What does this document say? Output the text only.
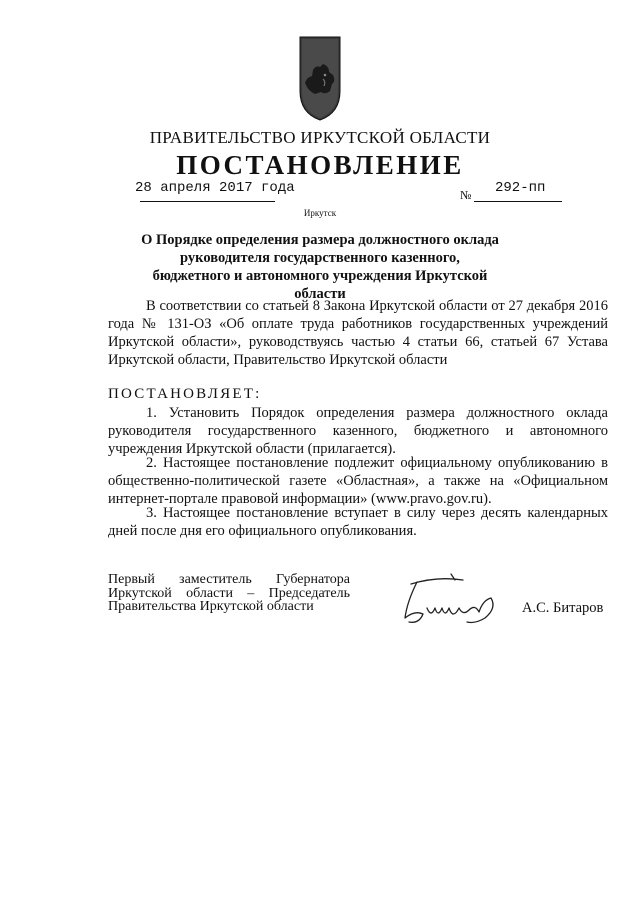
ПРАВИТЕЛЬСТВО ИРКУТСКОЙ ОБЛАСТИ
ПОСТАНОВЛЕНИЕ
28 апреля 2017 года	№ 292-пп
Иркутск
О Порядке определения размера должностного оклада руководителя государственного казенного, бюджетного и автономного учреждения Иркутской области
В соответствии со статьей 8 Закона Иркутской области от 27 декабря 2016 года № 131-ОЗ «Об оплате труда работников государственных учреждений Иркутской области», руководствуясь частью 4 статьи 66, статьей 67 Устава Иркутской области, Правительство Иркутской области
ПОСТАНОВЛЯЕТ:
1. Установить Порядок определения размера должностного оклада руководителя государственного казенного, бюджетного и автономного учреждения Иркутской области (прилагается).
2. Настоящее постановление подлежит официальному опубликованию в общественно-политической газете «Областная», а также на «Официальном интернет-портале правовой информации» (www.pravo.gov.ru).
3. Настоящее постановление вступает в силу через десять календарных дней после дня его официального опубликования.
Первый заместитель Губернатора Иркутской области – Председатель Правительства Иркутской области	А.С. Битаров
